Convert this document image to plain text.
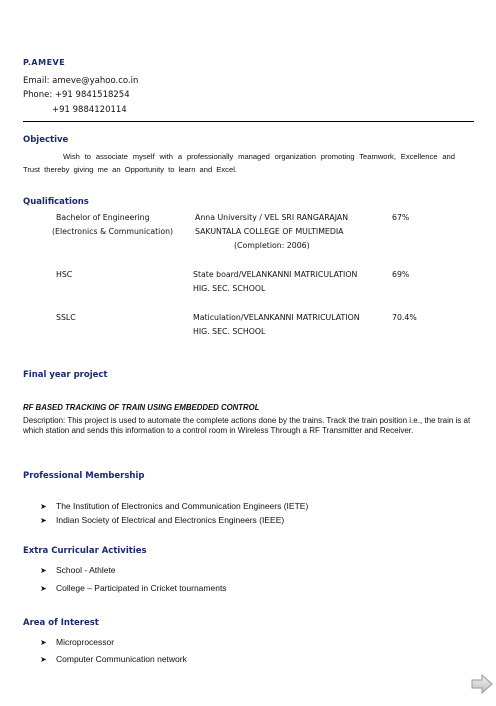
P.AMEVE
Email: ameve@yahoo.co.in
Phone: +91 9841518254
+91 9884120114
Objective
Wish to associate myself with a professionally managed organization promoting Teamwork, Excellence and Trust thereby giving me an Opportunity to learn and Excel.
Qualifications
Bachelor of Engineering
(Electronics & Communication)
Anna University / VEL SRI RANGARAJAN
SAKUNTALA COLLEGE OF MULTIMEDIA
(Completion: 2006)
67%
HSC	State board/VELANKANNI MATRICULATION
HIG. SEC. SCHOOL
69%
SSLC	Maticulation/VELANKANNI MATRICULATION
HIG. SEC. SCHOOL
70.4%
Final year project
RF BASED TRACKING OF TRAIN USING EMBEDDED CONTROL
Description: This project is used to automate the complete actions done by the trains. Track the train position i.e., the train is at which station and sends this information to a control room in Wireless Through a RF Transmitter and Receiver.
Professional Membership
➤ The Institution of Electronics and Communication Engineers (IETE)
➤ Indian Society of Electrical and Electronics Engineers (IEEE)
Extra Curricular Activities
➤ School - Athlete
➤ College – Participated in Cricket tournaments
Area of Interest
➤ Microprocessor
➤ Computer Communication network
